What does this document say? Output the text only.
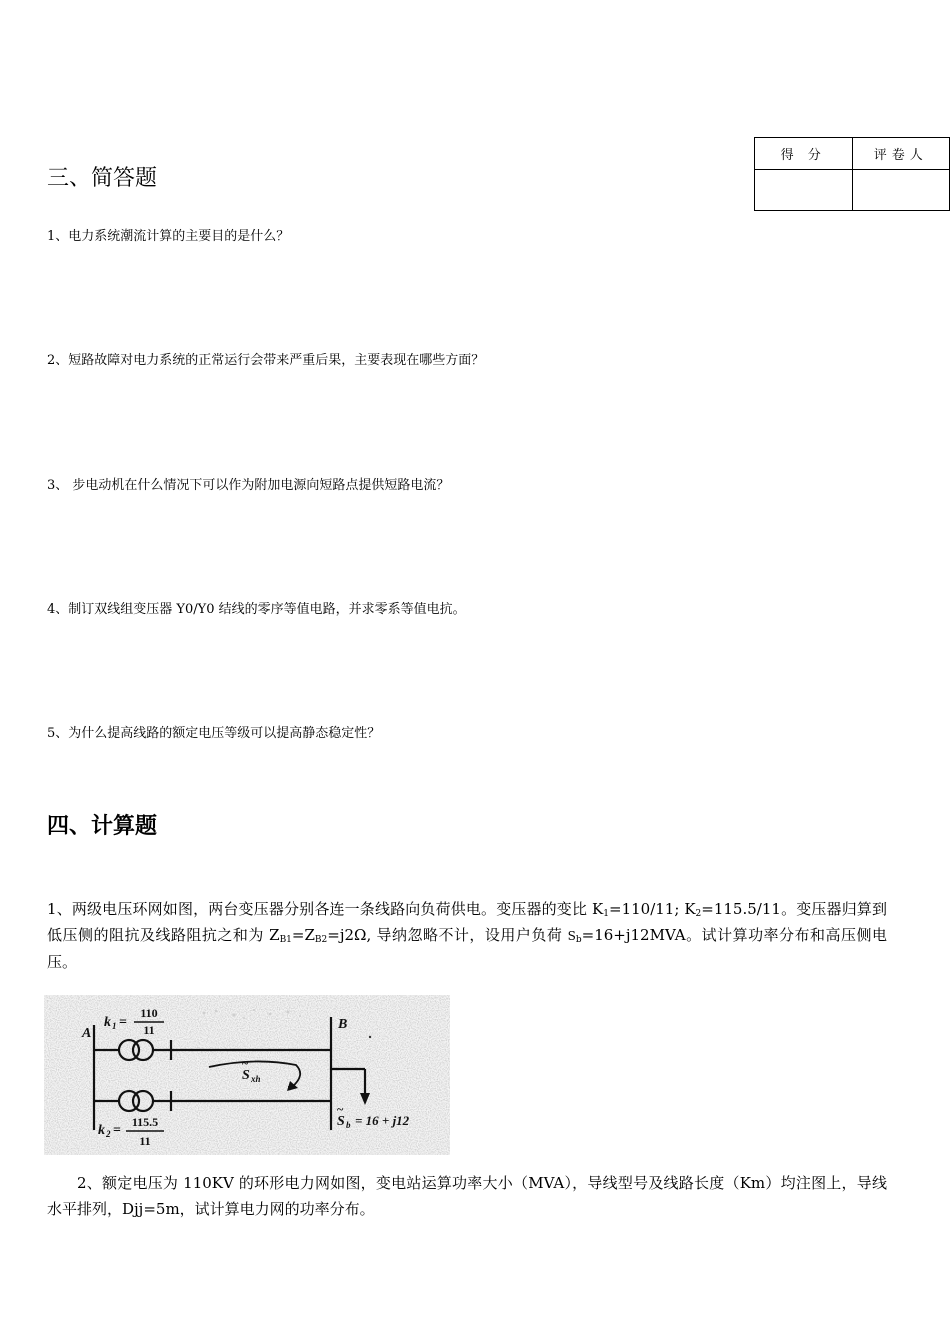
得 分	评卷人

三、简答题
1、电力系统潮流计算的主要目的是什么？
2、短路故障对电力系统的正常运行会带来严重后果，主要表现在哪些方面？
3、 步电动机在什么情况下可以作为附加电源向短路点提供短路电流？
4、制订双线组变压器 Y0/Y0 结线的零序等值电路，并求零系等值电抗。
5、为什么提高线路的额定电压等级可以提高静态稳定性？
四、计算题
1、两级电压环网如图，两台变压器分别各连一条线路向负荷供电。变压器的变比 $K_1=110/11$; $K_2=115.5/11$。变压器归算到低压侧的阻抗及线路阻抗之和为 $Z_{B1}=Z_{B2}=j2\Omega$, 导纳忽略不计，设用户负荷 $S_b=16+j12MVA$。试计算功率分布和高压侧电压。
A
B
k 1 =
110
11
k 2 =
115.5
11
S
~
xh
S
~
b = 16 + j12
2、额定电压为 110KV 的环形电力网如图，变电站运算功率大小（MVA），导线型号及线路长度（Km）均注图上，导线水平排列，Djj=5m，试计算电力网的功率分布。
